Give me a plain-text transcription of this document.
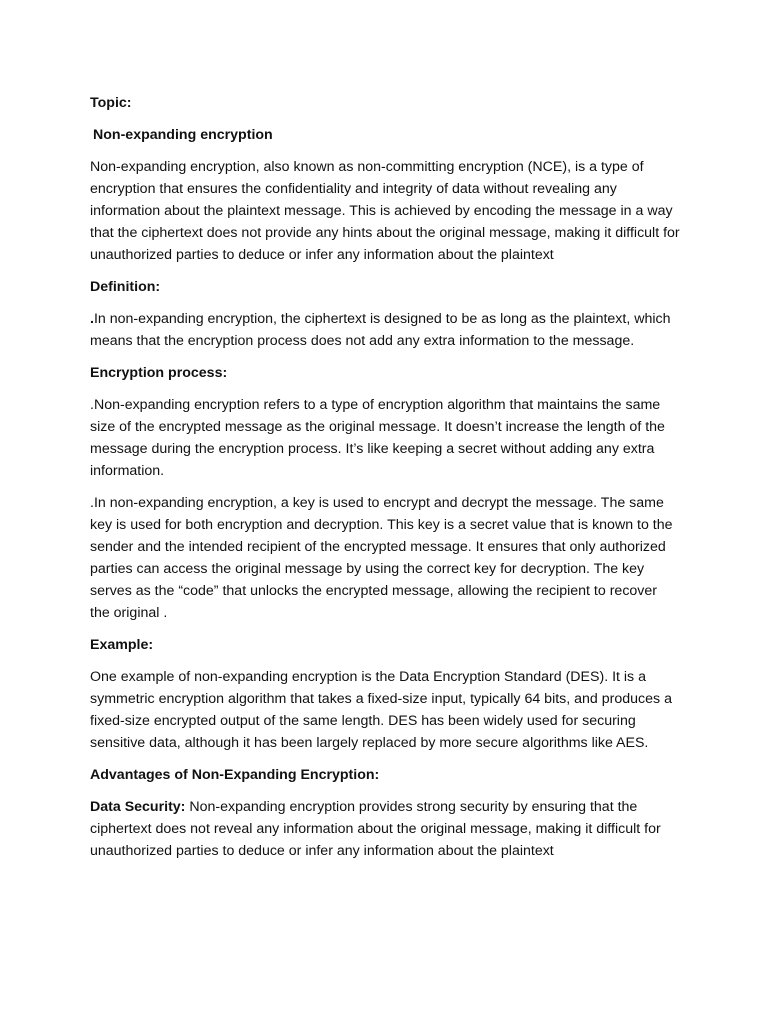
Topic:

Non-expanding encryption

Non-expanding encryption, also known as non-committing encryption (NCE), is a type of encryption that ensures the confidentiality and integrity of data without revealing any information about the plaintext message. This is achieved by encoding the message in a way that the ciphertext does not provide any hints about the original message, making it difficult for unauthorized parties to deduce or infer any information about the plaintext

Definition:

.In non-expanding encryption, the ciphertext is designed to be as long as the plaintext, which means that the encryption process does not add any extra information to the message.

Encryption process:

.Non-expanding encryption refers to a type of encryption algorithm that maintains the same size of the encrypted message as the original message. It doesn’t increase the length of the message during the encryption process. It’s like keeping a secret without adding any extra information.

.In non-expanding encryption, a key is used to encrypt and decrypt the message. The same key is used for both encryption and decryption. This key is a secret value that is known to the sender and the intended recipient of the encrypted message. It ensures that only authorized parties can access the original message by using the correct key for decryption. The key serves as the “code” that unlocks the encrypted message, allowing the recipient to recover the original .

Example:

One example of non-expanding encryption is the Data Encryption Standard (DES). It is a symmetric encryption algorithm that takes a fixed-size input, typically 64 bits, and produces a fixed-size encrypted output of the same length. DES has been widely used for securing sensitive data, although it has been largely replaced by more secure algorithms like AES.

Advantages of Non-Expanding Encryption:

Data Security: Non-expanding encryption provides strong security by ensuring that the ciphertext does not reveal any information about the original message, making it difficult for unauthorized parties to deduce or infer any information about the plaintext
